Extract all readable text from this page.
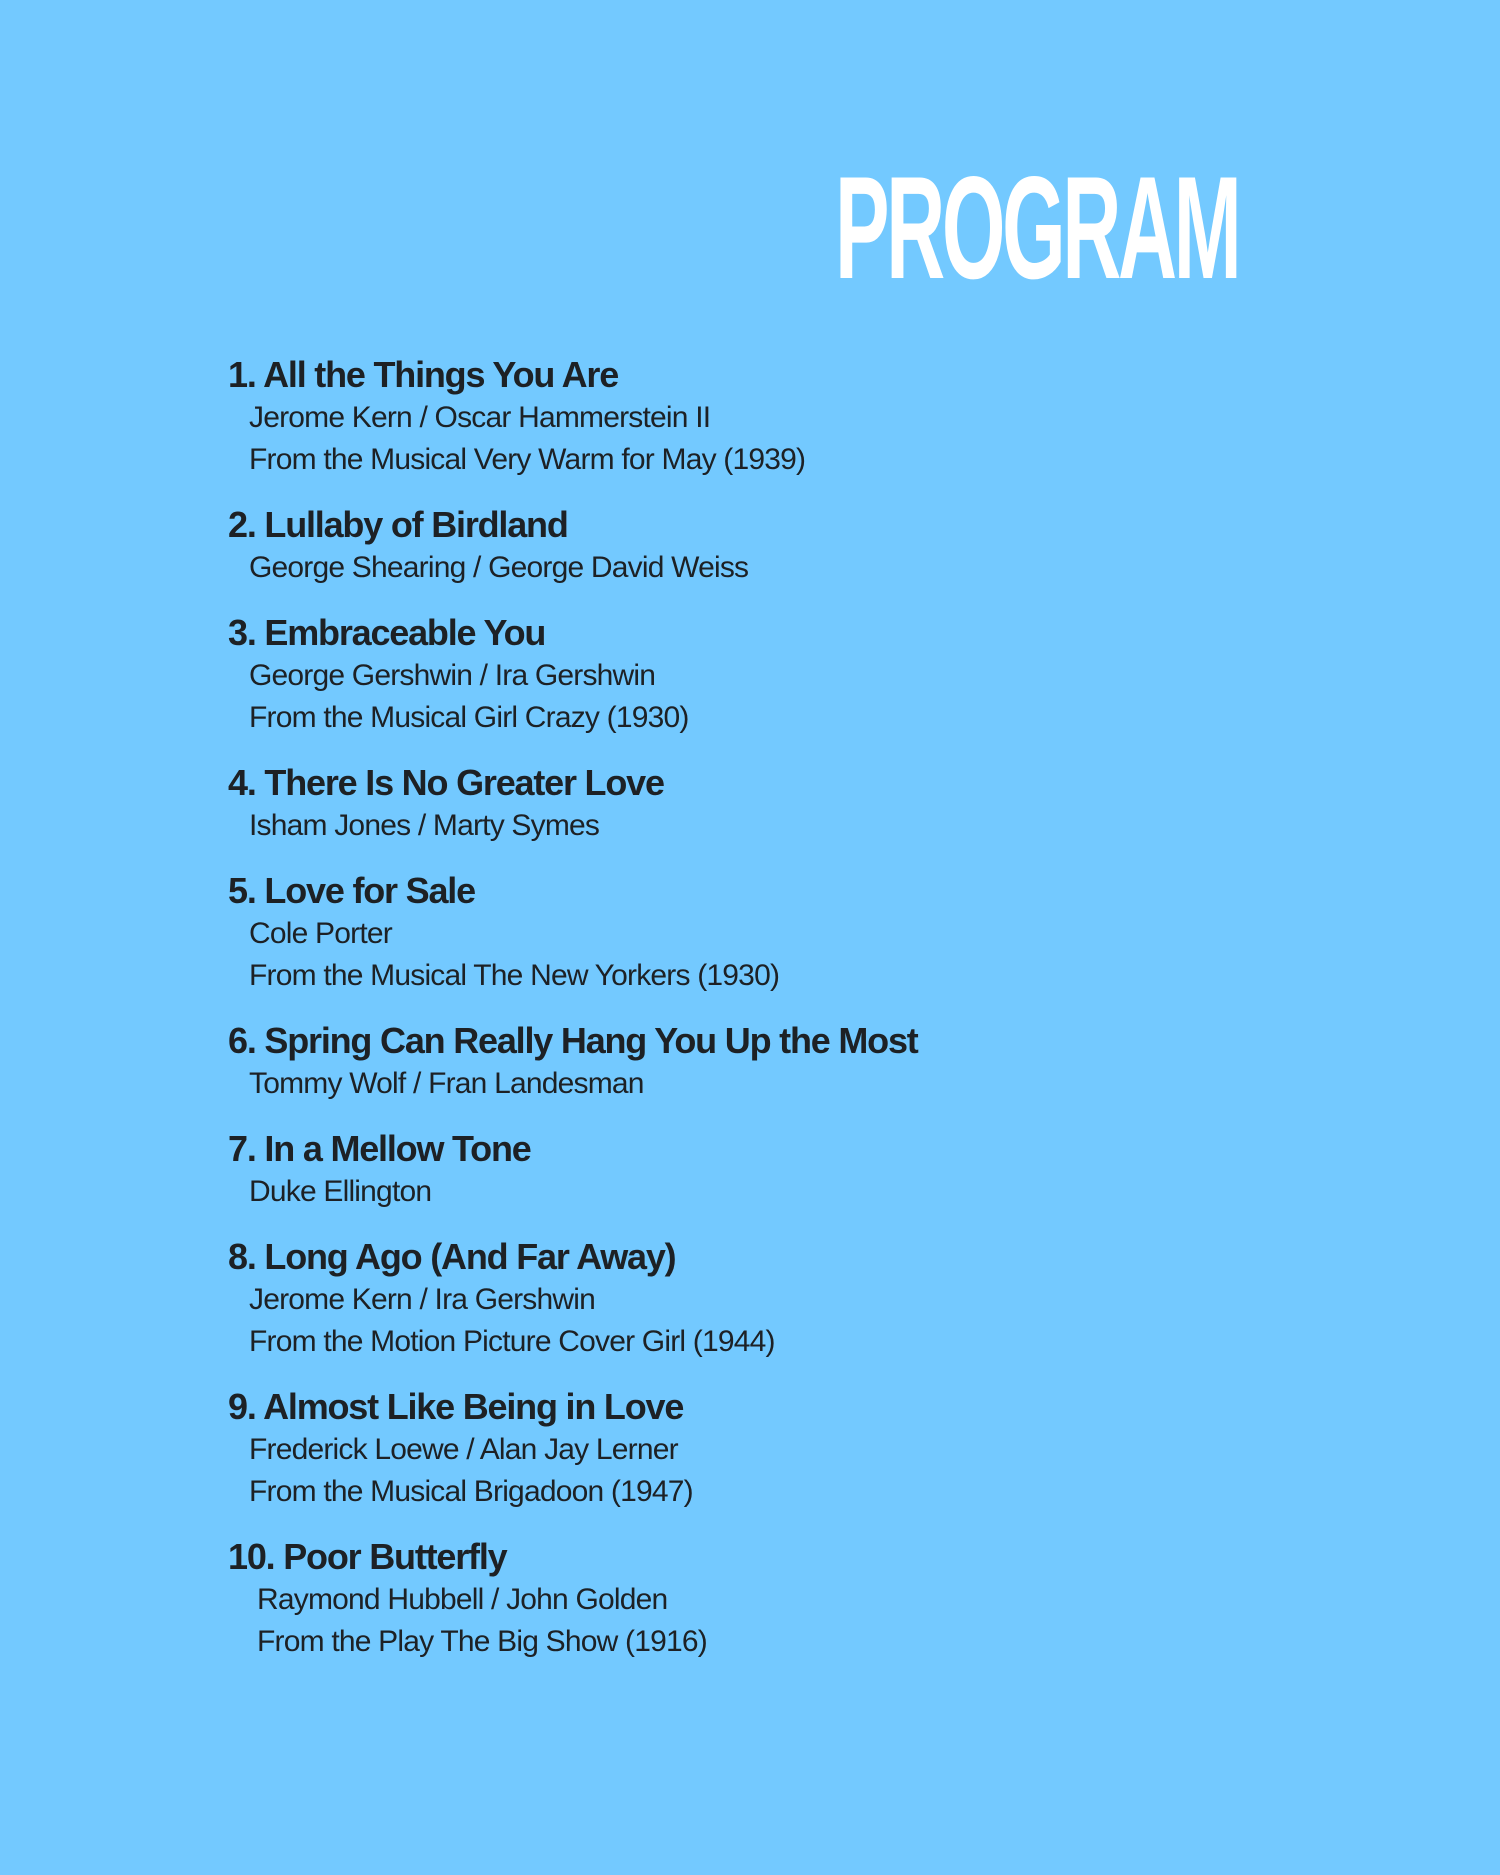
PROGRAM
1. All the Things You Are
Jerome Kern / Oscar Hammerstein II
From the Musical Very Warm for May (1939)
2. Lullaby of Birdland
George Shearing / George David Weiss
3. Embraceable You
George Gershwin / Ira Gershwin
From the Musical Girl Crazy (1930)
4. There Is No Greater Love
Isham Jones / Marty Symes
5. Love for Sale
Cole Porter
From the Musical The New Yorkers (1930)
6. Spring Can Really Hang You Up the Most
Tommy Wolf / Fran Landesman
7. In a Mellow Tone
Duke Ellington
8. Long Ago (And Far Away)
Jerome Kern / Ira Gershwin
From the Motion Picture Cover Girl (1944)
9. Almost Like Being in Love
Frederick Loewe / Alan Jay Lerner
From the Musical Brigadoon (1947)
10. Poor Butterfly
Raymond Hubbell / John Golden
From the Play The Big Show (1916)
